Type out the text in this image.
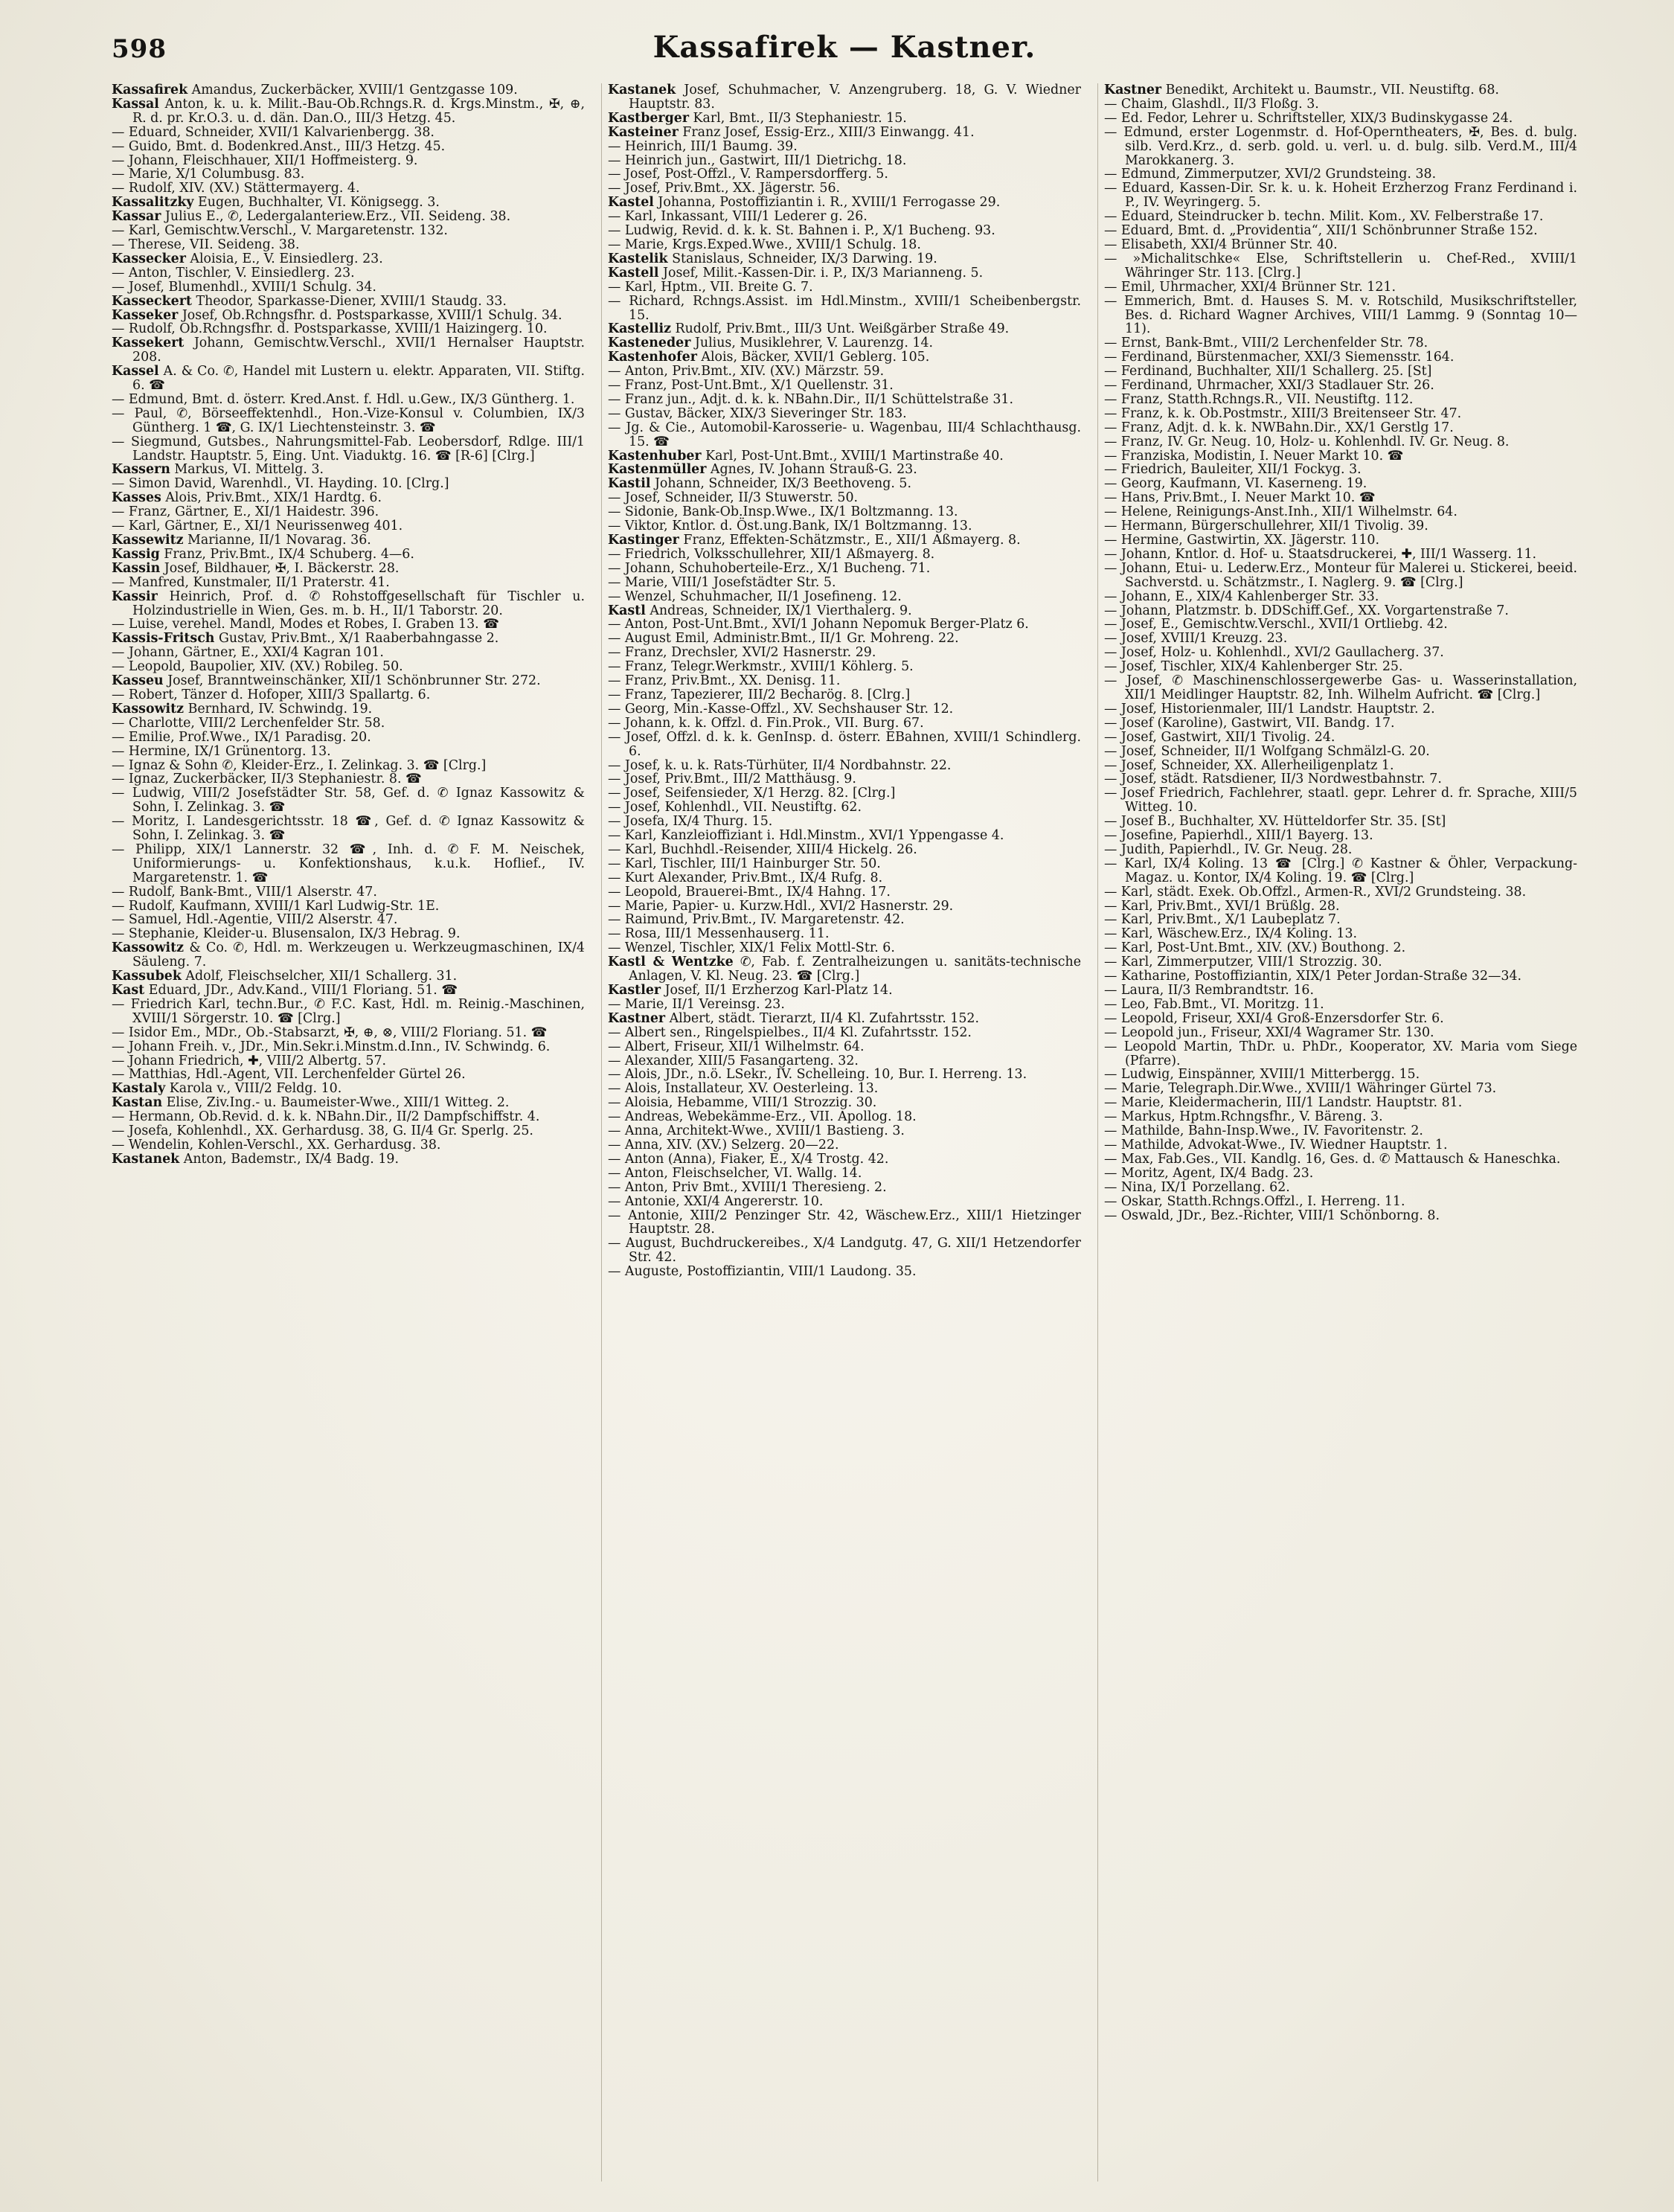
598	Kassafirek — Kastner.
Kassafirek Amandus, Zuckerbäcker, XVIII/1 Gentzgasse 109.
Kassal Anton, k. u. k. Milit.-Bau-Ob.Rchngs.R. d. Krgs.Minstm., ✠, ⊕, R. d. pr. Kr.O.3. u. d. dän. Dan.O., III/3 Hetzg. 45.
— Eduard, Schneider, XVII/1 Kalvarienbergg. 38.
— Guido, Bmt. d. Bodenkred.Anst., III/3 Hetzg. 45.
— Johann, Fleischhauer, XII/1 Hoffmeisterg. 9.
— Marie, X/1 Columbusg. 83.
— Rudolf, XIV. (XV.) Stättermayerg. 4.
Kassalitzky Eugen, Buchhalter, VI. Königsegg. 3.
Kassar Julius E., ✆, Ledergalanteriew.Erz., VII. Seideng. 38.
— Karl, Gemischtw.Verschl., V. Margaretenstr. 132.
— Therese, VII. Seideng. 38.
Kassecker Aloisia, E., V. Einsiedlerg. 23.
— Anton, Tischler, V. Einsiedlerg. 23.
— Josef, Blumenhdl., XVIII/1 Schulg. 34.
Kasseckert Theodor, Sparkasse-Diener, XVIII/1 Staudg. 33.
Kasseker Josef, Ob.Rchngsfhr. d. Postsparkasse, XVIII/1 Schulg. 34.
— Rudolf, Ob.Rchngsfhr. d. Postsparkasse, XVIII/1 Haizingerg. 10.
Kassekert Johann, Gemischtw.Verschl., XVII/1 Hernalser Hauptstr. 208.
Kassel A. & Co. ✆, Handel mit Lustern u. elektr. Apparaten, VII. Stiftg. 6. ☎
— Edmund, Bmt. d. österr. Kred.Anst. f. Hdl. u.Gew., IX/3 Güntherg. 1.
— Paul, ✆, Börseeffektenhdl., Hon.-Vize-Konsul v. Columbien, IX/3 Güntherg. 1 ☎, G. IX/1 Liechtensteinstr. 3. ☎
— Siegmund, Gutsbes., Nahrungsmittel-Fab. Leobersdorf, Rdlge. III/1 Landstr. Hauptstr. 5, Eing. Unt. Viaduktg. 16. ☎ [R-6] [Clrg.]
Kassern Markus, VI. Mittelg. 3.
— Simon David, Warenhdl., VI. Hayding. 10. [Clrg.]
Kasses Alois, Priv.Bmt., XIX/1 Hardtg. 6.
— Franz, Gärtner, E., XI/1 Haidestr. 396.
— Karl, Gärtner, E., XI/1 Neurissenweg 401.
Kassewitz Marianne, II/1 Novarag. 36.
Kassig Franz, Priv.Bmt., IX/4 Schuberg. 4—6.
Kassin Josef, Bildhauer, ✠, I. Bäckerstr. 28.
— Manfred, Kunstmaler, II/1 Praterstr. 41.
Kassir Heinrich, Prof. d. ✆ Rohstoffgesellschaft für Tischler u. Holzindustrielle in Wien, Ges. m. b. H., II/1 Taborstr. 20.
— Luise, verehel. Mandl, Modes et Robes, I. Graben 13. ☎
Kassis-Fritsch Gustav, Priv.Bmt., X/1 Raaberbahngasse 2.
— Johann, Gärtner, E., XXI/4 Kagran 101.
— Leopold, Baupolier, XIV. (XV.) Robileg. 50.
Kasseu Josef, Branntweinschänker, XII/1 Schönbrunner Str. 272.
— Robert, Tänzer d. Hofoper, XIII/3 Spallartg. 6.
Kassowitz Bernhard, IV. Schwindg. 19.
— Charlotte, VIII/2 Lerchenfelder Str. 58.
— Emilie, Prof.Wwe., IX/1 Paradisg. 20.
— Hermine, IX/1 Grünentorg. 13.
— Ignaz & Sohn ✆, Kleider-Erz., I. Zelinkag. 3. ☎ [Clrg.]
— Ignaz, Zuckerbäcker, II/3 Stephaniestr. 8. ☎
— Ludwig, VIII/2 Josefstädter Str. 58, Gef. d. ✆ Ignaz Kassowitz & Sohn, I. Zelinkag. 3. ☎
— Moritz, I. Landesgerichtsstr. 18 ☎, Gef. d. ✆ Ignaz Kassowitz & Sohn, I. Zelinkag. 3. ☎
— Philipp, XIX/1 Lannerstr. 32 ☎, Inh. d. ✆ F. M. Neischek, Uniformierungs- u. Konfektionshaus, k.u.k. Hoflief., IV. Margaretenstr. 1. ☎
— Rudolf, Bank-Bmt., VIII/1 Alserstr. 47.
— Rudolf, Kaufmann, XVIII/1 Karl Ludwig-Str. 1E.
— Samuel, Hdl.-Agentie, VIII/2 Alserstr. 47.
— Stephanie, Kleider-u. Blusensalon, IX/3 Hebrag. 9.
Kassowitz & Co. ✆, Hdl. m. Werkzeugen u. Werkzeugmaschinen, IX/4 Säuleng. 7.
Kassubek Adolf, Fleischselcher, XII/1 Schallerg. 31.
Kast Eduard, JDr., Adv.Kand., VIII/1 Floriang. 51. ☎
— Friedrich Karl, techn.Bur., ✆ F.C. Kast, Hdl. m. Reinig.-Maschinen, XVIII/1 Sörgerstr. 10. ☎ [Clrg.]
— Isidor Em., MDr., Ob.-Stabsarzt, ✠, ⊕, ⊗, VIII/2 Floriang. 51. ☎
— Johann Freih. v., JDr., Min.Sekr.i.Minstm.d.Inn., IV. Schwindg. 6.
— Johann Friedrich, ✚, VIII/2 Albertg. 57.
— Matthias, Hdl.-Agent, VII. Lerchenfelder Gürtel 26.
Kastaly Karola v., VIII/2 Feldg. 10.
Kastan Elise, Ziv.Ing.- u. Baumeister-Wwe., XIII/1 Witteg. 2.
— Hermann, Ob.Revid. d. k. k. NBahn.Dir., II/2 Dampfschiffstr. 4.
— Josefa, Kohlenhdl., XX. Gerhardusg. 38, G. II/4 Gr. Sperlg. 25.
— Wendelin, Kohlen-Verschl., XX. Gerhardusg. 38.
Kastanek Anton, Bademstr., IX/4 Badg. 19.
Kastanek Josef, Schuhmacher, V. Anzengruberg. 18, G. V. Wiedner Hauptstr. 83.
Kastberger Karl, Bmt., II/3 Stephaniestr. 15.
Kasteiner Franz Josef, Essig-Erz., XIII/3 Einwangg. 41.
— Heinrich, III/1 Baumg. 39.
— Heinrich jun., Gastwirt, III/1 Dietrichg. 18.
— Josef, Post-Offzl., V. Rampersdorfferg. 5.
— Josef, Priv.Bmt., XX. Jägerstr. 56.
Kastel Johanna, Postoffiziantin i. R., XVIII/1 Ferrogasse 29.
— Karl, Inkassant, VIII/1 Lederer g. 26.
— Ludwig, Revid. d. k. k. St. Bahnen i. P., X/1 Bucheng. 93.
— Marie, Krgs.Exped.Wwe., XVIII/1 Schulg. 18.
Kastelik Stanislaus, Schneider, IX/3 Darwing. 19.
Kastell Josef, Milit.-Kassen-Dir. i. P., IX/3 Marianneng. 5.
— Karl, Hptm., VII. Breite G. 7.
— Richard, Rchngs.Assist. im Hdl.Minstm., XVIII/1 Scheibenbergstr. 15.
Kastelliz Rudolf, Priv.Bmt., III/3 Unt. Weißgärber Straße 49.
Kasteneder Julius, Musiklehrer, V. Laurenzg. 14.
Kastenhofer Alois, Bäcker, XVII/1 Geblerg. 105.
— Anton, Priv.Bmt., XIV. (XV.) Märzstr. 59.
— Franz, Post-Unt.Bmt., X/1 Quellenstr. 31.
— Franz jun., Adjt. d. k. k. NBahn.Dir., II/1 Schüttelstraße 31.
— Gustav, Bäcker, XIX/3 Sieveringer Str. 183.
— Jg. & Cie., Automobil-Karosserie- u. Wagenbau, III/4 Schlachthausg. 15. ☎
Kastenhuber Karl, Post-Unt.Bmt., XVIII/1 Martinstraße 40.
Kastenmüller Agnes, IV. Johann Strauß-G. 23.
Kastil Johann, Schneider, IX/3 Beethoveng. 5.
— Josef, Schneider, II/3 Stuwerstr. 50.
— Sidonie, Bank-Ob.Insp.Wwe., IX/1 Boltzmanng. 13.
— Viktor, Kntlor. d. Öst.ung.Bank, IX/1 Boltzmanng. 13.
Kastinger Franz, Effekten-Schätzmstr., E., XII/1 Aßmayerg. 8.
— Friedrich, Volksschullehrer, XII/1 Aßmayerg. 8.
— Johann, Schuhoberteile-Erz., X/1 Bucheng. 71.
— Marie, VIII/1 Josefstädter Str. 5.
— Wenzel, Schuhmacher, II/1 Josefineng. 12.
Kastl Andreas, Schneider, IX/1 Vierthalerg. 9.
— Anton, Post-Unt.Bmt., XVI/1 Johann Nepomuk Berger-Platz 6.
— August Emil, Administr.Bmt., II/1 Gr. Mohreng. 22.
— Franz, Drechsler, XVI/2 Hasnerstr. 29.
— Franz, Telegr.Werkmstr., XVIII/1 Köhlerg. 5.
— Franz, Priv.Bmt., XX. Denisg. 11.
— Franz, Tapezierer, III/2 Becharög. 8. [Clrg.]
— Georg, Min.-Kasse-Offzl., XV. Sechshauser Str. 12.
— Johann, k. k. Offzl. d. Fin.Prok., VII. Burg. 67.
— Josef, Offzl. d. k. k. GenInsp. d. österr. EBahnen, XVIII/1 Schindlerg. 6.
— Josef, k. u. k. Rats-Türhüter, II/4 Nordbahnstr. 22.
— Josef, Priv.Bmt., III/2 Matthäusg. 9.
— Josef, Seifensieder, X/1 Herzg. 82. [Clrg.]
— Josef, Kohlenhdl., VII. Neustiftg. 62.
— Josefa, IX/4 Thurg. 15.
— Karl, Kanzleioffiziant i. Hdl.Minstm., XVI/1 Yppengasse 4.
— Karl, Buchhdl.-Reisender, XIII/4 Hickelg. 26.
— Karl, Tischler, III/1 Hainburger Str. 50.
— Kurt Alexander, Priv.Bmt., IX/4 Rufg. 8.
— Leopold, Brauerei-Bmt., IX/4 Hahng. 17.
— Marie, Papier- u. Kurzw.Hdl., XVI/2 Hasnerstr. 29.
— Raimund, Priv.Bmt., IV. Margaretenstr. 42.
— Rosa, III/1 Messenhauserg. 11.
— Wenzel, Tischler, XIX/1 Felix Mottl-Str. 6.
Kastl & Wentzke ✆, Fab. f. Zentralheizungen u. sanitäts-technische Anlagen, V. Kl. Neug. 23. ☎ [Clrg.]
Kastler Josef, II/1 Erzherzog Karl-Platz 14.
— Marie, II/1 Vereinsg. 23.
Kastner Albert, städt. Tierarzt, II/4 Kl. Zufahrtsstr. 152.
— Albert sen., Ringelspielbes., II/4 Kl. Zufahrtsstr. 152.
— Albert, Friseur, XII/1 Wilhelmstr. 64.
— Alexander, XIII/5 Fasangarteng. 32.
— Alois, JDr., n.ö. LSekr., IV. Schelleing. 10, Bur. I. Herreng. 13.
— Alois, Installateur, XV. Oesterleing. 13.
— Aloisia, Hebamme, VIII/1 Strozzig. 30.
— Andreas, Webekämme-Erz., VII. Apollog. 18.
— Anna, Architekt-Wwe., XVIII/1 Bastieng. 3.
— Anna, XIV. (XV.) Selzerg. 20—22.
— Anton (Anna), Fiaker, E., X/4 Trostg. 42.
— Anton, Fleischselcher, VI. Wallg. 14.
— Anton, Priv Bmt., XVIII/1 Theresieng. 2.
— Antonie, XXI/4 Angererstr. 10.
— Antonie, XIII/2 Penzinger Str. 42, Wäschew.Erz., XIII/1 Hietzinger Hauptstr. 28.
— August, Buchdruckereibes., X/4 Landgutg. 47, G. XII/1 Hetzendorfer Str. 42.
— Auguste, Postoffiziantin, VIII/1 Laudong. 35.
Kastner Benedikt, Architekt u. Baumstr., VII. Neustiftg. 68.
— Chaim, Glashdl., II/3 Floßg. 3.
— Ed. Fedor, Lehrer u. Schriftsteller, XIX/3 Budinskygasse 24.
— Edmund, erster Logenmstr. d. Hof-Operntheaters, ✠, Bes. d. bulg. silb. Verd.Krz., d. serb. gold. u. verl. u. d. bulg. silb. Verd.M., III/4 Marokkanerg. 3.
— Edmund, Zimmerputzer, XVI/2 Grundsteing. 38.
— Eduard, Kassen-Dir. Sr. k. u. k. Hoheit Erzherzog Franz Ferdinand i. P., IV. Weyringerg. 5.
— Eduard, Steindrucker b. techn. Milit. Kom., XV. Felberstraße 17.
— Eduard, Bmt. d. „Providentia“, XII/1 Schönbrunner Straße 152.
— Elisabeth, XXI/4 Brünner Str. 40.
— »Michalitschke« Else, Schriftstellerin u. Chef-Red., XVIII/1 Währinger Str. 113. [Clrg.]
— Emil, Uhrmacher, XXI/4 Brünner Str. 121.
— Emmerich, Bmt. d. Hauses S. M. v. Rotschild, Musikschriftsteller, Bes. d. Richard Wagner Archives, VIII/1 Lammg. 9 (Sonntag 10—11).
— Ernst, Bank-Bmt., VIII/2 Lerchenfelder Str. 78.
— Ferdinand, Bürstenmacher, XXI/3 Siemensstr. 164.
— Ferdinand, Buchhalter, XII/1 Schallerg. 25. [St]
— Ferdinand, Uhrmacher, XXI/3 Stadlauer Str. 26.
— Franz, Statth.Rchngs.R., VII. Neustiftg. 112.
— Franz, k. k. Ob.Postmstr., XIII/3 Breitenseer Str. 47.
— Franz, Adjt. d. k. k. NWBahn.Dir., XX/1 Gerstlg 17.
— Franz, IV. Gr. Neug. 10, Holz- u. Kohlenhdl. IV. Gr. Neug. 8.
— Franziska, Modistin, I. Neuer Markt 10. ☎
— Friedrich, Bauleiter, XII/1 Fockyg. 3.
— Georg, Kaufmann, VI. Kaserneng. 19.
— Hans, Priv.Bmt., I. Neuer Markt 10. ☎
— Helene, Reinigungs-Anst.Inh., XII/1 Wilhelmstr. 64.
— Hermann, Bürgerschullehrer, XII/1 Tivolig. 39.
— Hermine, Gastwirtin, XX. Jägerstr. 110.
— Johann, Kntlor. d. Hof- u. Staatsdruckerei, ✚, III/1 Wasserg. 11.
— Johann, Etui- u. Lederw.Erz., Monteur für Malerei u. Stickerei, beeid. Sachverstd. u. Schätzmstr., I. Naglerg. 9. ☎ [Clrg.]
— Johann, E., XIX/4 Kahlenberger Str. 33.
— Johann, Platzmstr. b. DDSchiff.Gef., XX. Vorgartenstraße 7.
— Josef, E., Gemischtw.Verschl., XVII/1 Ortliebg. 42.
— Josef, XVIII/1 Kreuzg. 23.
— Josef, Holz- u. Kohlenhdl., XVI/2 Gaullacherg. 37.
— Josef, Tischler, XIX/4 Kahlenberger Str. 25.
— Josef, ✆ Maschinenschlossergewerbe Gas- u. Wasserinstallation, XII/1 Meidlinger Hauptstr. 82, Inh. Wilhelm Aufricht. ☎ [Clrg.]
— Josef, Historienmaler, III/1 Landstr. Hauptstr. 2.
— Josef (Karoline), Gastwirt, VII. Bandg. 17.
— Josef, Gastwirt, XII/1 Tivolig. 24.
— Josef, Schneider, II/1 Wolfgang Schmälzl-G. 20.
— Josef, Schneider, XX. Allerheiligenplatz 1.
— Josef, städt. Ratsdiener, II/3 Nordwestbahnstr. 7.
— Josef Friedrich, Fachlehrer, staatl. gepr. Lehrer d. fr. Sprache, XIII/5 Witteg. 10.
— Josef B., Buchhalter, XV. Hütteldorfer Str. 35. [St]
— Josefine, Papierhdl., XIII/1 Bayerg. 13.
— Judith, Papierhdl., IV. Gr. Neug. 28.
— Karl, IX/4 Koling. 13 ☎ [Clrg.] ✆ Kastner & Öhler, Verpackung-Magaz. u. Kontor, IX/4 Koling. 19. ☎ [Clrg.]
— Karl, städt. Exek. Ob.Offzl., Armen-R., XVI/2 Grundsteing. 38.
— Karl, Priv.Bmt., XVI/1 Brüßlg. 28.
— Karl, Priv.Bmt., X/1 Laubeplatz 7.
— Karl, Wäschew.Erz., IX/4 Koling. 13.
— Karl, Post-Unt.Bmt., XIV. (XV.) Bouthong. 2.
— Karl, Zimmerputzer, VIII/1 Strozzig. 30.
— Katharine, Postoffiziantin, XIX/1 Peter Jordan-Straße 32—34.
— Laura, II/3 Rembrandtstr. 16.
— Leo, Fab.Bmt., VI. Moritzg. 11.
— Leopold, Friseur, XXI/4 Groß-Enzersdorfer Str. 6.
— Leopold jun., Friseur, XXI/4 Wagramer Str. 130.
— Leopold Martin, ThDr. u. PhDr., Kooperator, XV. Maria vom Siege (Pfarre).
— Ludwig, Einspänner, XVIII/1 Mitterbergg. 15.
— Marie, Telegraph.Dir.Wwe., XVIII/1 Währinger Gürtel 73.
— Marie, Kleidermacherin, III/1 Landstr. Hauptstr. 81.
— Markus, Hptm.Rchngsfhr., V. Bäreng. 3.
— Mathilde, Bahn-Insp.Wwe., IV. Favoritenstr. 2.
— Mathilde, Advokat-Wwe., IV. Wiedner Hauptstr. 1.
— Max, Fab.Ges., VII. Kandlg. 16, Ges. d. ✆ Mattausch & Haneschka.
— Moritz, Agent, IX/4 Badg. 23.
— Nina, IX/1 Porzellang. 62.
— Oskar, Statth.Rchngs.Offzl., I. Herreng. 11.
— Oswald, JDr., Bez.-Richter, VIII/1 Schönborng. 8.
